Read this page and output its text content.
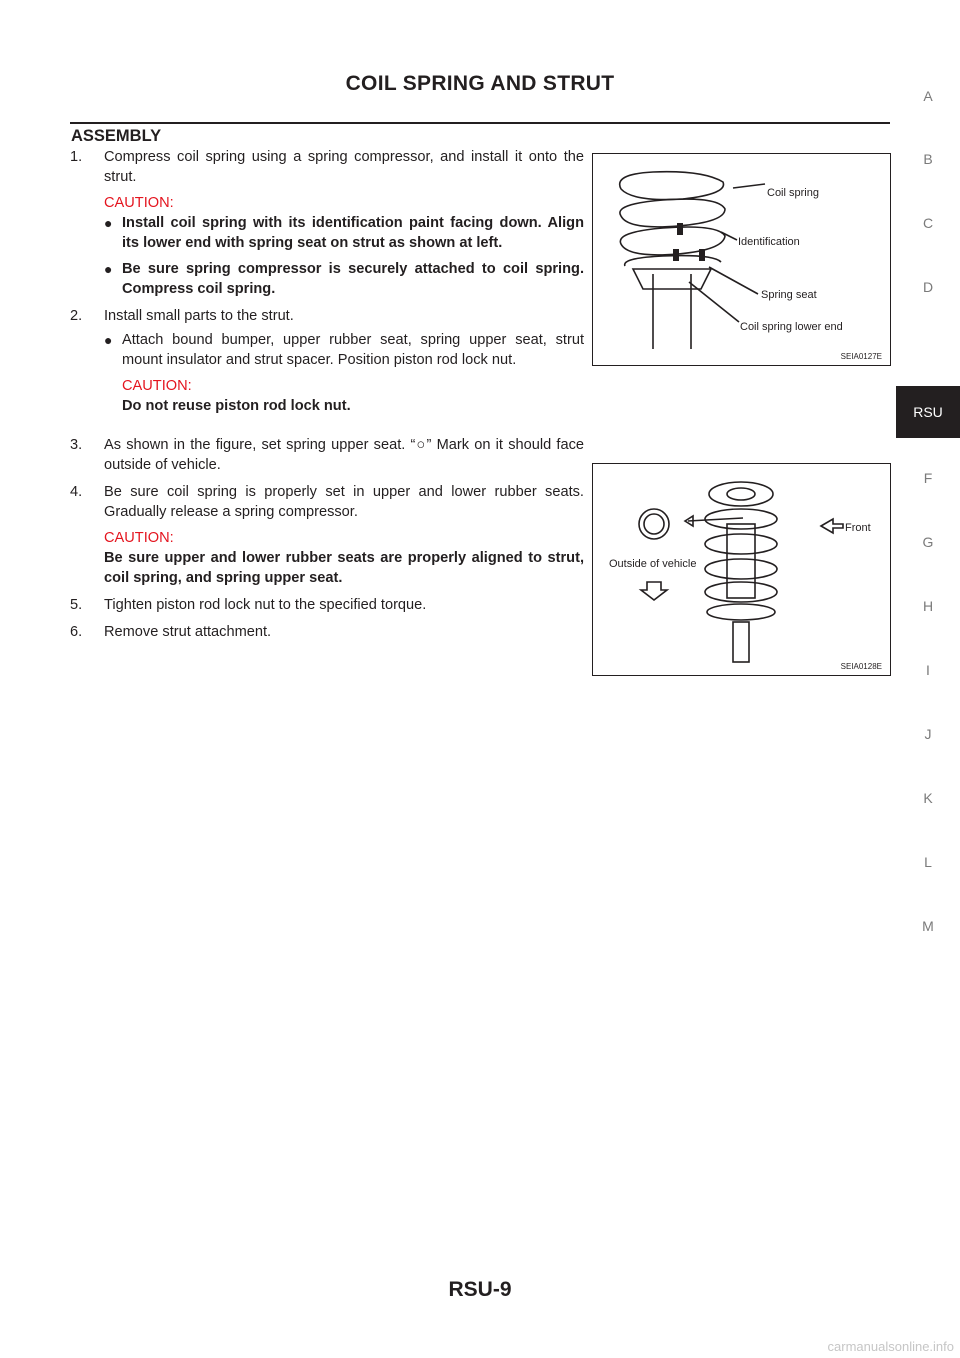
COIL SPRING AND STRUT
ASSEMBLY
A
B
C
D
RSU
F
G
H
I
J
K
L
M
1.	Compress coil spring using a spring compressor, and install it onto the strut.
CAUTION:
● Install coil spring with its identification paint facing down. Align its lower end with spring seat on strut as shown at left.
● Be sure spring compressor is securely attached to coil spring. Compress coil spring.
2.	Install small parts to the strut.
● Attach bound bumper, upper rubber seat, spring upper seat, strut mount insulator and strut spacer. Position piston rod lock nut.
CAUTION:
Do not reuse piston rod lock nut.
3.	As shown in the figure, set spring upper seat. “○” Mark on it should face outside of vehicle.
4.	Be sure coil spring is properly set in upper and lower rubber seats. Gradually release a spring compressor.
CAUTION:
Be sure upper and lower rubber seats are properly aligned to strut, coil spring, and spring upper seat.
5.	Tighten piston rod lock nut to the specified torque.
6.	Remove strut attachment.
Coil spring
Identification
Spring seat
Coil spring lower end
SEIA0127E
Front
Outside of vehicle
SEIA0128E
RSU-9
carmanualsonline.info
